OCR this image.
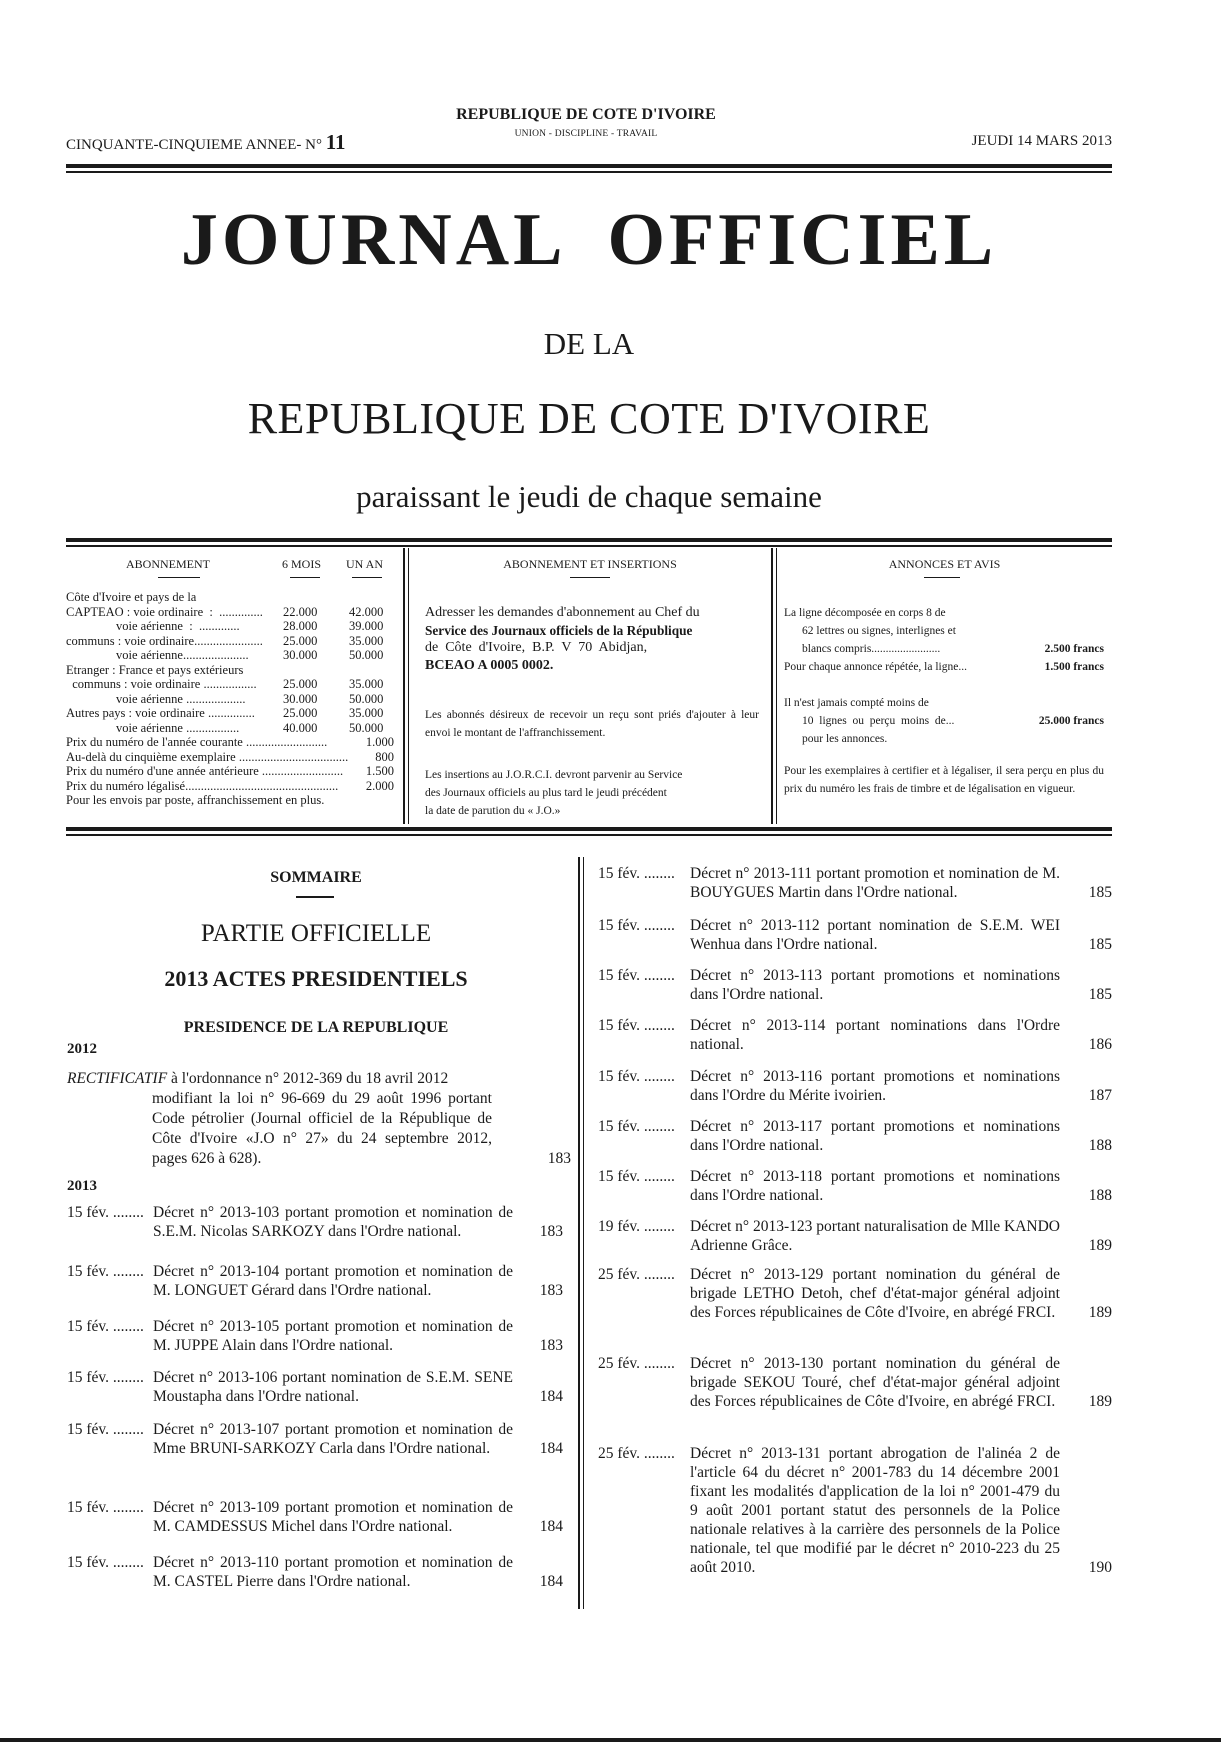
CINQUANTE-CINQUIEME ANNEE- N° 11
REPUBLIQUE DE COTE D'IVOIRE
UNION - DISCIPLINE - TRAVAIL	JEUDI 14 MARS 2013
JOURNAL  OFFICIEL
DE LA
REPUBLIQUE DE COTE D'IVOIRE
paraissant le jeudi de chaque semaine
ABONNEMENT	6 MOIS UN AN
Côte d'Ivoire et pays de la
CAPTEAO : voie ordinaire  :  .............. 22.000	42.000
voie aérienne  :  .............	28.000	39.000
communs : voie ordinaire...................... 25.000	35.000
voie aérienne.....................	30.000	50.000
Etranger : France et pays extérieurs
communs : voie ordinaire ................. 25.000	35.000
voie aérienne ...................	30.000	50.000
Autres pays : voie ordinaire ............... 25.000	35.000
voie aérienne .................	40.000	50.000
Prix du numéro de l'année courante ..........................	1.000
Au-delà du cinquième exemplaire ................................... 800
Prix du numéro d'une année antérieure .......................... 1.500
Prix du numéro légalisé................................................. 2.000
Pour les envois par poste, affranchissement en plus.
ABONNEMENT ET INSERTIONS
Adresser les demandes d'abonnement au Chef du
Service des Journaux officiels de la République
de  Côte  d'Ivoire,  B.P.  V  70  Abidjan,
BCEAO A 0005 0002.
Les abonnés désireux de recevoir un reçu sont priés d'ajouter à leur envoi le montant de l'affranchissement.
Les insertions au J.O.R.C.I. devront parvenir au Service
des Journaux officiels au plus tard le jeudi précédent
la date de parution du « J.O.»
ANNONCES ET AVIS
La ligne décomposée en corps 8 de
62 lettres ou signes, interlignes et
blancs compris........................	2.500 francs
Pour chaque annonce répétée, la ligne...	1.500 francs
Il n'est jamais compté moins de
10  lignes  ou  perçu  moins  de...	25.000 francs
pour les annonces.
Pour les exemplaires à certifier et à légaliser, il sera perçu en plus du prix du numéro les frais de timbre et de légalisation en vigueur.
SOMMAIRE
PARTIE OFFICIELLE
2013 ACTES PRESIDENTIELS
PRESIDENCE DE LA REPUBLIQUE
2012
RECTIFICATIF à l'ordonnance n° 2012-369 du 18 avril 2012
modifiant la loi n° 96-669 du 29 août 1996 portant Code pétrolier (Journal officiel de la République de Côte d'Ivoire «J.O n° 27» du 24 septembre 2012, pages 626 à 628).	183
2013
15 fév. ........ Décret n° 2013-103 portant promotion et nomination de S.E.M. Nicolas SARKOZY dans l'Ordre national.	183
15 fév. ........ Décret n° 2013-104 portant promotion et nomination de M. LONGUET Gérard dans l'Ordre national.	183
15 fév. ........ Décret n° 2013-105 portant promotion et nomination de M. JUPPE Alain dans l'Ordre national.	183
15 fév. ........ Décret n° 2013-106 portant nomination de S.E.M. SENE Moustapha dans l'Ordre national.	184
15 fév. ........ Décret n° 2013-107 portant promotion et nomination de Mme BRUNI-SARKOZY Carla dans l'Ordre national.	184
15 fév. ........ Décret n° 2013-109 portant promotion et nomination de M. CAMDESSUS Michel dans l'Ordre national.	184
15 fév. ........ Décret n° 2013-110 portant promotion et nomination de M. CASTEL Pierre dans l'Ordre national.	184
15 fév. ........ Décret n° 2013-111 portant promotion et nomination de M. BOUYGUES Martin dans l'Ordre national.	185
15 fév. ........ Décret n° 2013-112 portant nomination de S.E.M. WEI Wenhua dans l'Ordre national.	185
15 fév. ........ Décret n° 2013-113 portant promotions et nominations dans l'Ordre national.	185
15 fév. ........ Décret n° 2013-114 portant nominations dans l'Ordre national.	186
15 fév. ........ Décret n° 2013-116 portant promotions et nominations dans l'Ordre du Mérite ivoirien.	187
15 fév. ........ Décret n° 2013-117 portant promotions et nominations dans l'Ordre national.	188
15 fév. ........ Décret n° 2013-118 portant promotions et nominations dans l'Ordre national.	188
19 fév. ........ Décret n° 2013-123 portant naturalisation de Mlle KANDO Adrienne Grâce.	189
25 fév. ........ Décret n° 2013-129 portant nomination du général de brigade LETHO Detoh, chef d'état-major général adjoint des Forces républicaines de Côte d'Ivoire, en abrégé FRCI.	189
25 fév. ........ Décret n° 2013-130 portant nomination du général de brigade SEKOU Touré, chef d'état-major général adjoint des Forces républicaines de Côte d'Ivoire, en abrégé FRCI.	189
25 fév. ........ Décret n° 2013-131 portant abrogation de l'alinéa 2 de l'article 64 du décret n° 2001-783 du 14 décembre 2001 fixant les modalités d'application de la loi n° 2001-479 du 9 août 2001 portant statut des personnels de la Police nationale relatives à la carrière des personnels de la Police nationale, tel que modifié par le décret n° 2010-223 du 25 août 2010.	190
